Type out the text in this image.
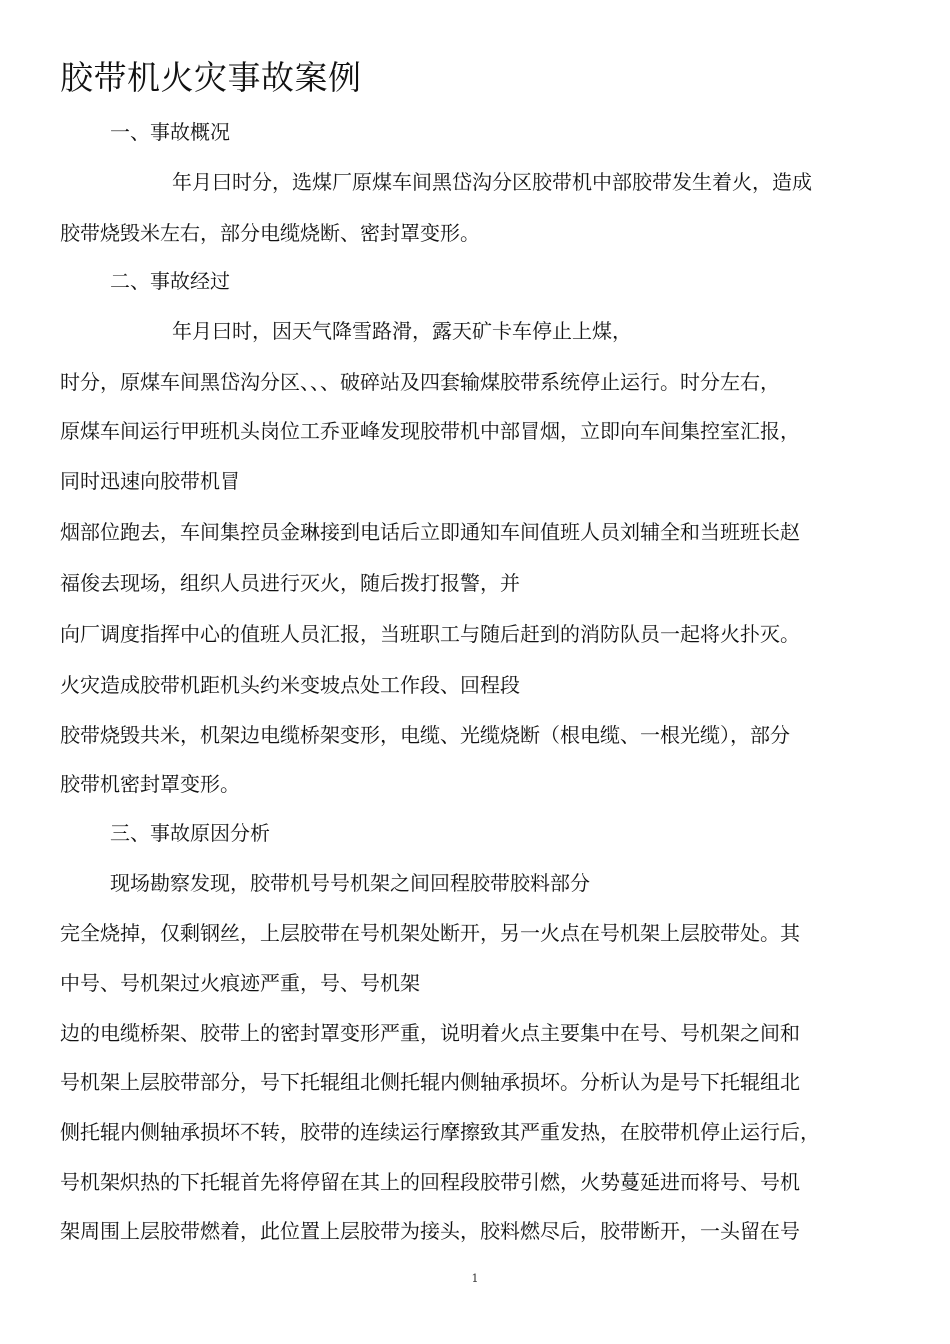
胶带机火灾事故案例
一、事故概况
年月曰时分，选煤厂原煤车间黑岱沟分区胶带机中部胶带发生着火，造成
胶带烧毁米左右，部分电缆烧断、密封罩变形。
二、事故经过
年月曰时，因天气降雪路滑，露天矿卡车停止上煤，
时分，原煤车间黑岱沟分区、、、破碎站及四套输煤胶带系统停止运行。时分左右，
原煤车间运行甲班机头岗位工乔亚峰发现胶带机中部冒烟，立即向车间集控室汇报，
同时迅速向胶带机冒
烟部位跑去，车间集控员金琳接到电话后立即通知车间值班人员刘辅全和当班班长赵
福俊去现场，组织人员进行灭火，随后拨打报警，并
向厂调度指挥中心的值班人员汇报，当班职工与随后赶到的消防队员一起将火扑灭。
火灾造成胶带机距机头约米变坡点处工作段、回程段
胶带烧毁共米，机架边电缆桥架变形，电缆、光缆烧断（根电缆、一根光缆），部分
胶带机密封罩变形。
三、事故原因分析
现场勘察发现，胶带机号号机架之间回程胶带胶料部分
完全烧掉，仅剩钢丝，上层胶带在号机架处断开，另一火点在号机架上层胶带处。其
中号、号机架过火痕迹严重，号、号机架
边的电缆桥架、胶带上的密封罩变形严重，说明着火点主要集中在号、号机架之间和
号机架上层胶带部分，号下托辊组北侧托辊内侧轴承损坏。分析认为是号下托辊组北
侧托辊内侧轴承损坏不转，胶带的连续运行摩擦致其严重发热，在胶带机停止运行后，
号机架炽热的下托辊首先将停留在其上的回程段胶带引燃，火势蔓延进而将号、号机
架周围上层胶带燃着，此位置上层胶带为接头，胶料燃尽后，胶带断开，一头留在号
1
